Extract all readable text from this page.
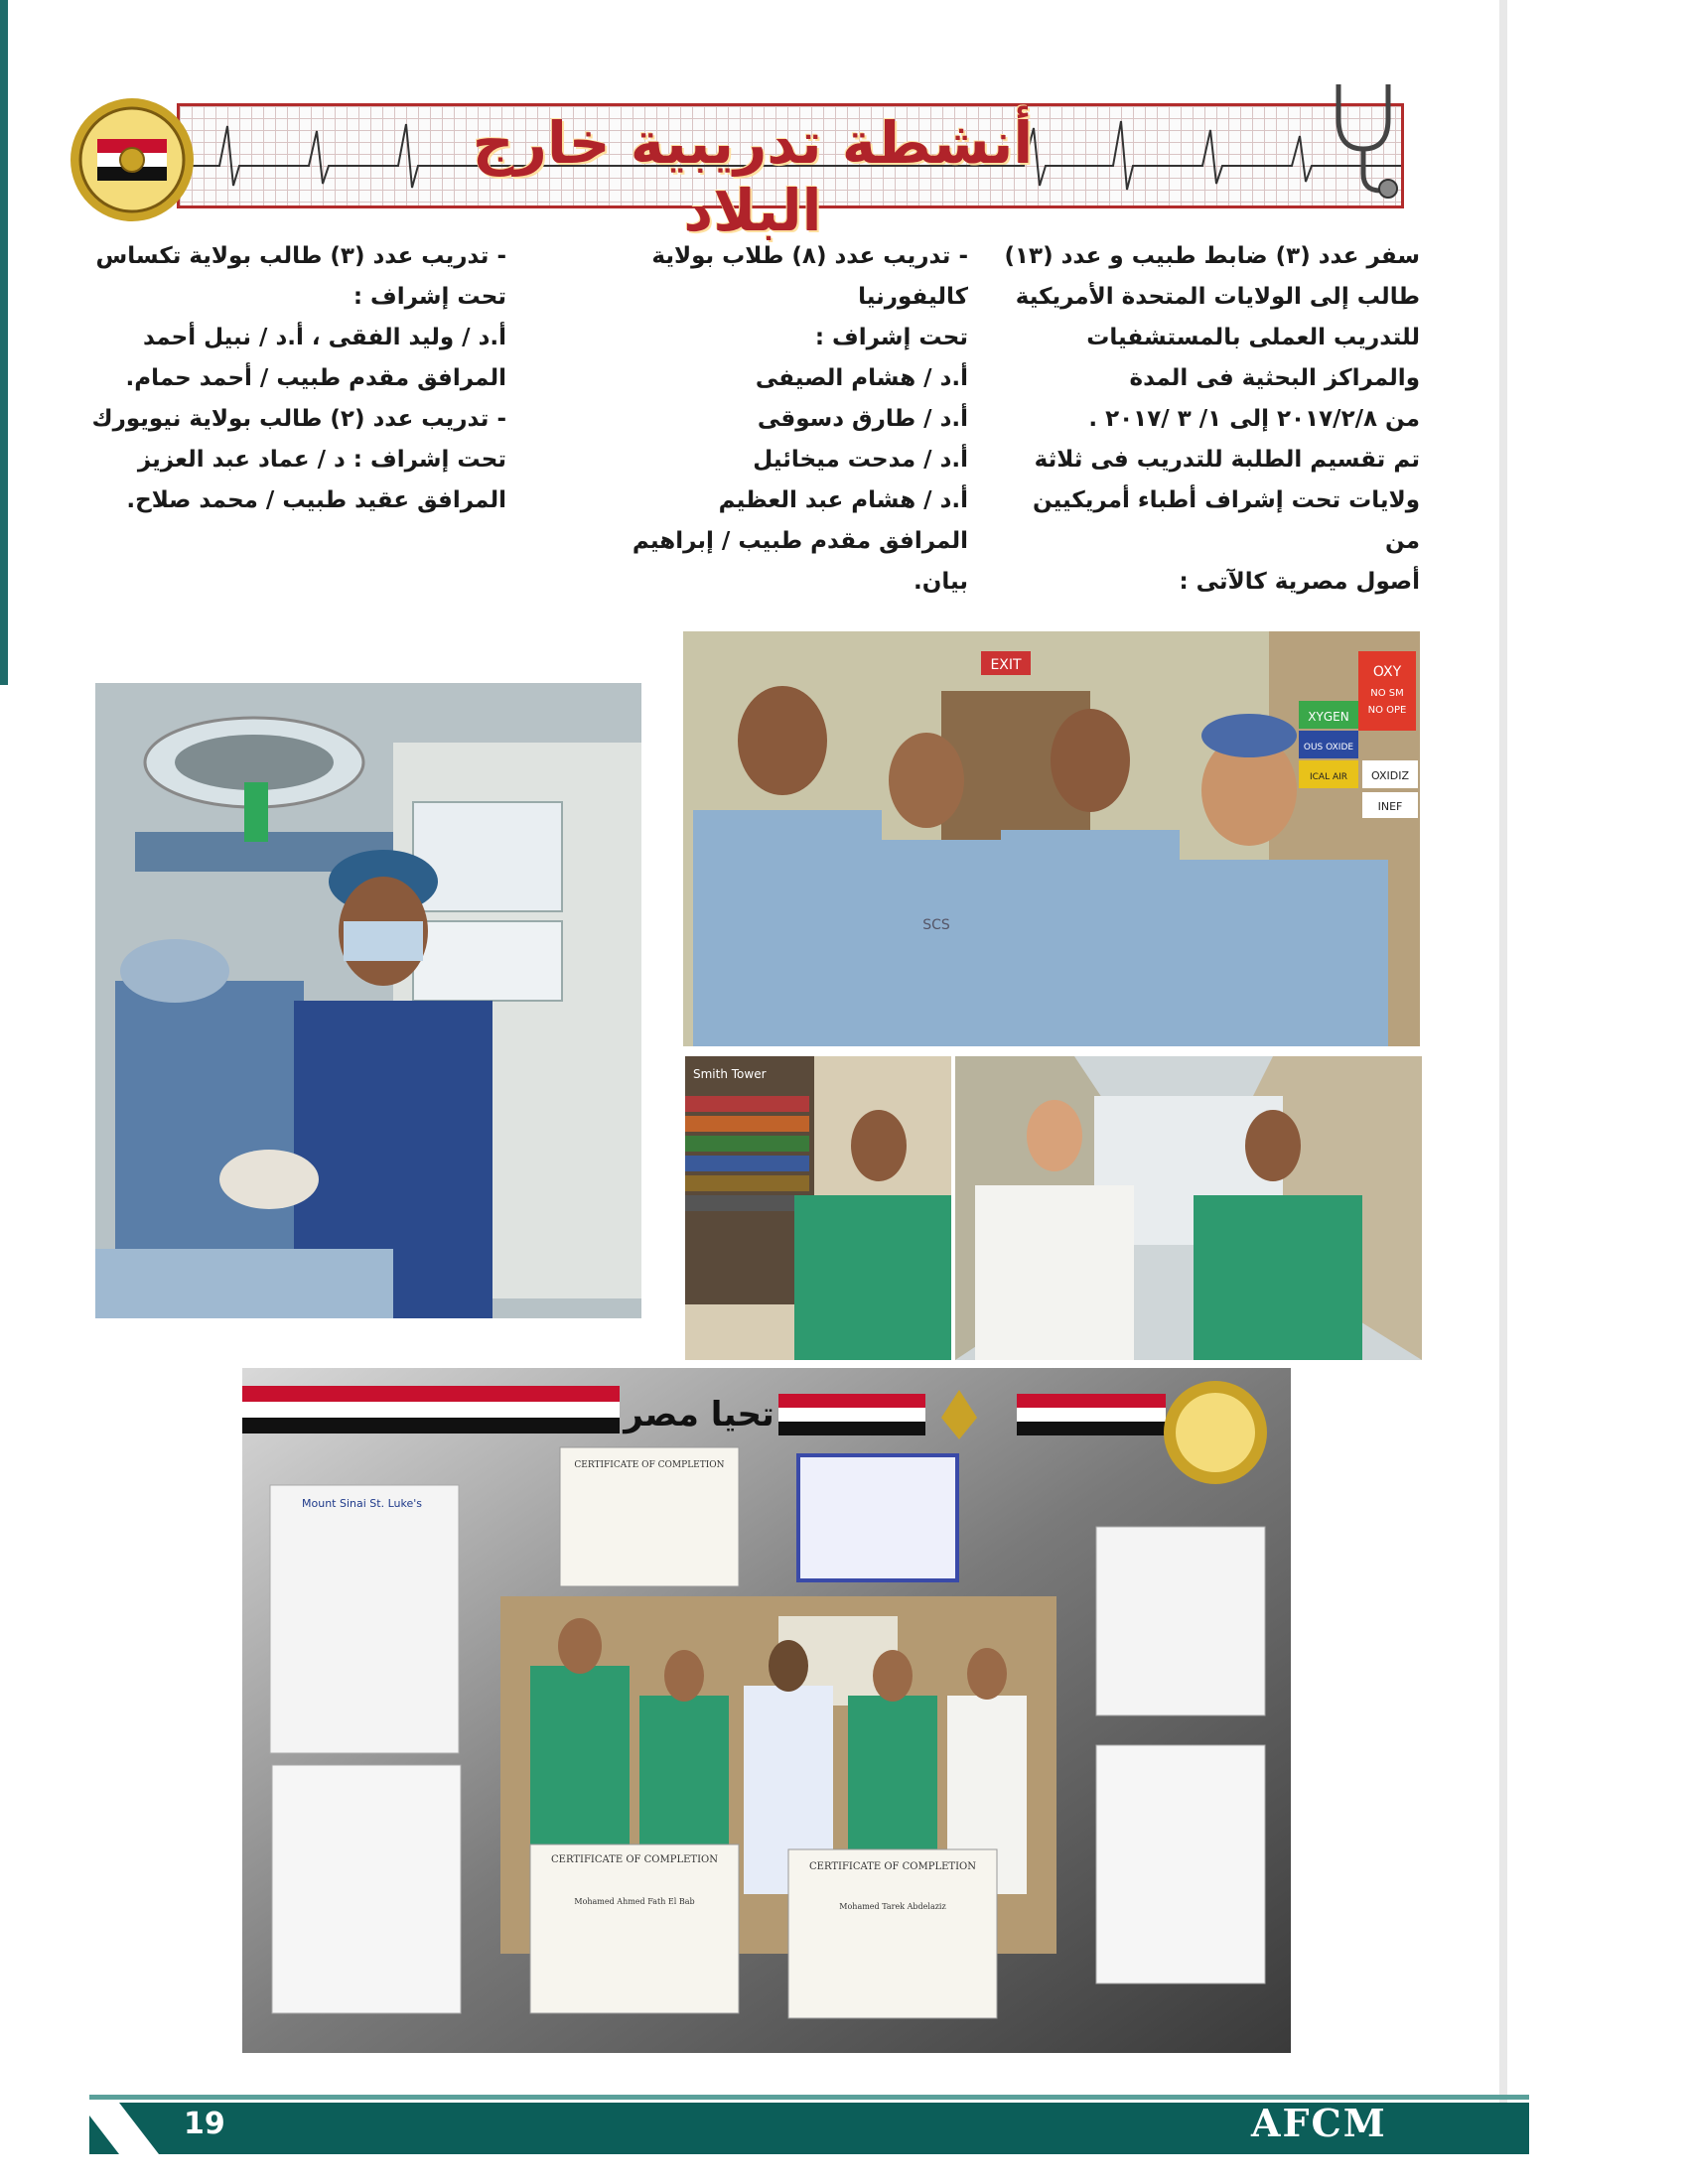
أنشطة تدريبية خارج البلاد

سفر عدد (٣) ضابط طبيب و عدد (١٣)

طالب إلى الولايات المتحدة الأمريكية

للتدريب العملى بالمستشفيات

والمراكز البحثية فى المدة

من ٢٠١٧/٢/٨ إلى ١/ ٣ /٢٠١٧ .

تم تقسيم الطلبة للتدريب فى ثلاثة

ولايات تحت إشراف أطباء أمريكيين من

أصول مصرية كالآتى :

- تدريب عدد (٨) طلاب بولاية كاليفورنيا

تحت إشراف :

أ.د / هشام الصيفى

أ.د / طارق دسوقى

أ.د / مدحت ميخائيل

أ.د / هشام عبد العظيم

المرافق مقدم طبيب / إبراهيم بيان.

- تدريب عدد (٣) طالب بولاية تكساس

تحت إشراف :

أ.د / وليد الفقى ، أ.د / نبيل أحمد

المرافق مقدم طبيب / أحمد حمام.

- تدريب عدد (٢) طالب بولاية نيويورك

تحت إشراف : د / عماد عبد العزيز

المرافق عقيد طبيب / محمد صلاح.

EXIT	OXY
NO SM
NO OPE
XYGEN
OUS OXIDE
ICAL AIR OXIDIZ
INEF
SCS
Smith Tower
تحيا مصر
CERTIFICATE OF COMPLETION
Mount Sinai St. Luke's
CERTIFICATE OF COMPLETION
Mohamed Ahmed Fath El Bab
CERTIFICATE OF COMPLETION
Mohamed Tarek Abdelaziz
19	AFCM
